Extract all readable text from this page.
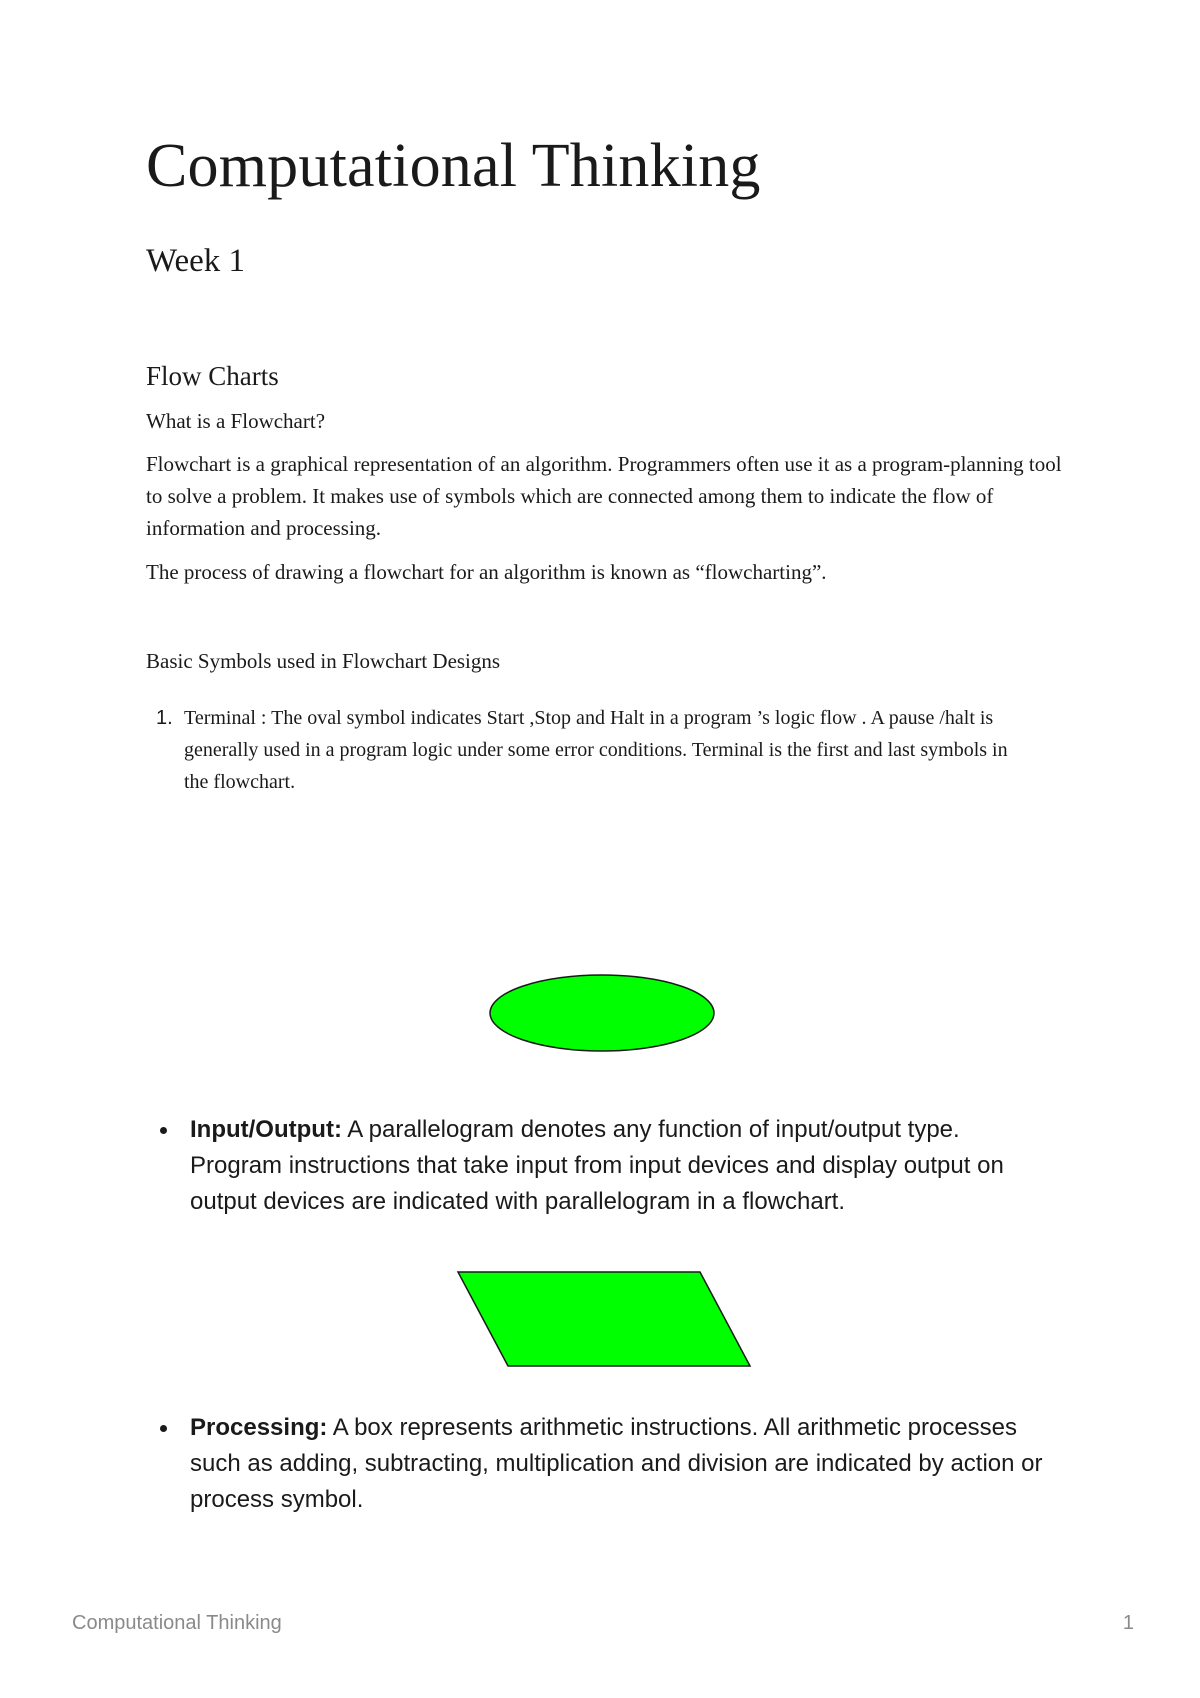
Computational Thinking
Week 1
Flow Charts

What is a Flowchart?

Flowchart is a graphical representation of an algorithm. Programmers often use it as a program-planning tool to solve a problem. It makes use of symbols which are connected among them to indicate the flow of information and processing.

The process of drawing a flowchart for an algorithm is known as “flowcharting”.

Basic Symbols used in Flowchart Designs

1. Terminal : The oval symbol indicates Start ,Stop and Halt in a program ’s logic flow . A pause /halt is generally used in a program logic under some error conditions. Terminal is the first and last symbols in the flowchart.
Input/Output: A parallelogram denotes any function of input/output type. Program instructions that take input from input devices and display output on output devices are indicated with parallelogram in a flowchart.
Processing: A box represents arithmetic instructions. All arithmetic processes such as adding, subtracting, multiplication and division are indicated by action or process symbol.
Computational Thinking	1
